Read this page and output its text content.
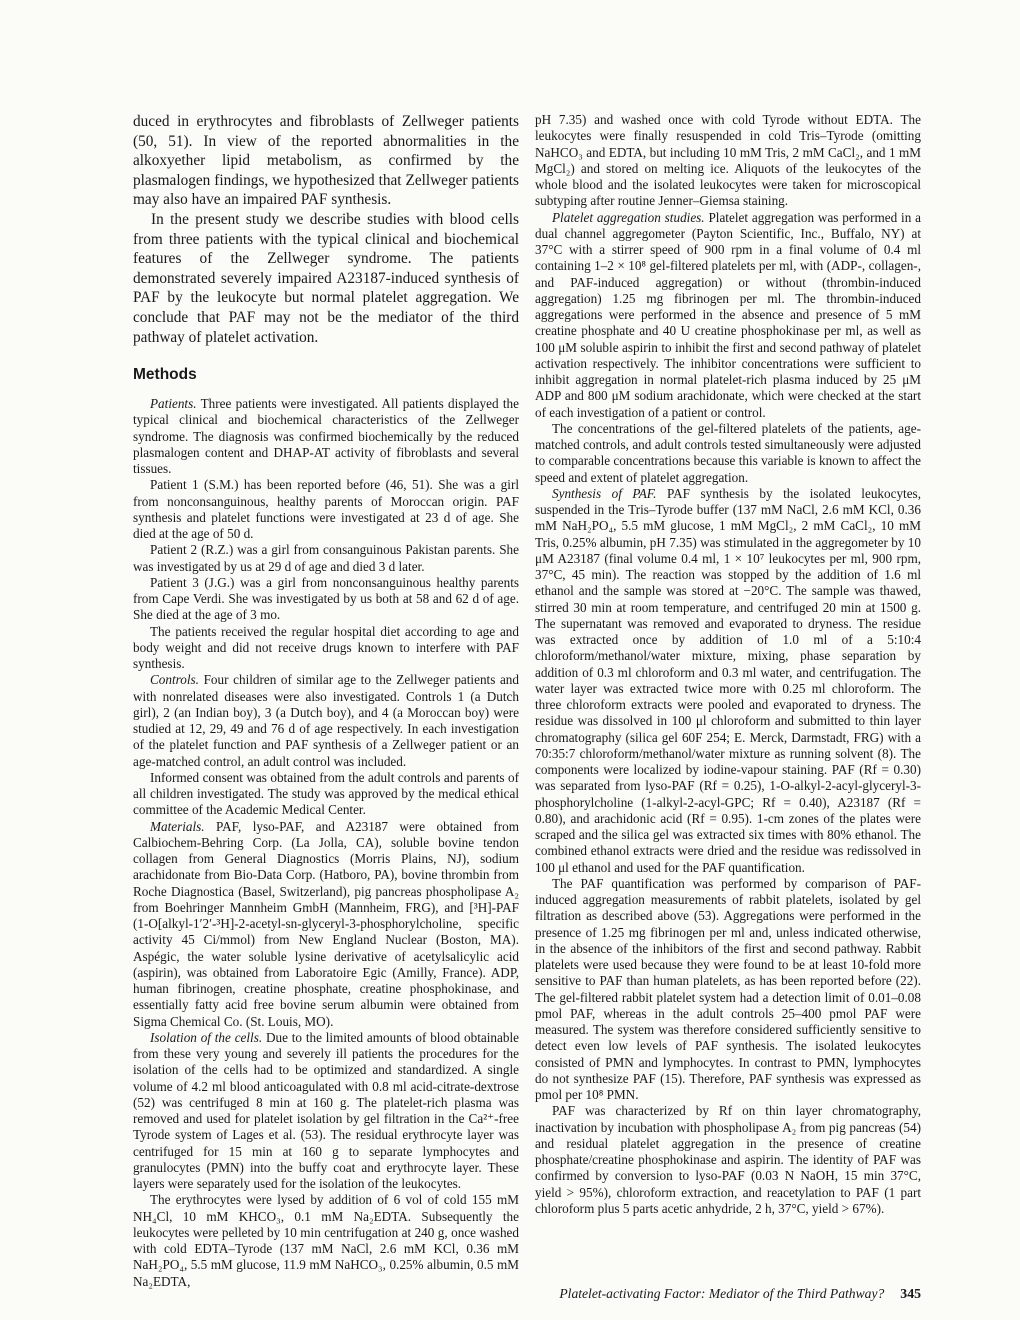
duced in erythrocytes and fibroblasts of Zellweger patients (50, 51). In view of the reported abnormalities in the alkoxyether lipid metabolism, as confirmed by the plasmalogen findings, we hypothesized that Zellweger patients may also have an impaired PAF synthesis.

In the present study we describe studies with blood cells from three patients with the typical clinical and biochemical features of the Zellweger syndrome. The patients demonstrated severely impaired A23187-induced synthesis of PAF by the leukocyte but normal platelet aggregation. We conclude that PAF may not be the mediator of the third pathway of platelet activation.

Methods

Patients. Three patients were investigated. All patients displayed the typical clinical and biochemical characteristics of the Zellweger syndrome. The diagnosis was confirmed biochemically by the reduced plasmalogen content and DHAP-AT activity of fibroblasts and several tissues.

Patient 1 (S.M.) has been reported before (46, 51). She was a girl from nonconsanguinous, healthy parents of Moroccan origin. PAF synthesis and platelet functions were investigated at 23 d of age. She died at the age of 50 d.

Patient 2 (R.Z.) was a girl from consanguinous Pakistan parents. She was investigated by us at 29 d of age and died 3 d later.

Patient 3 (J.G.) was a girl from nonconsanguinous healthy parents from Cape Verdi. She was investigated by us both at 58 and 62 d of age. She died at the age of 3 mo.

The patients received the regular hospital diet according to age and body weight and did not receive drugs known to interfere with PAF synthesis.

Controls. Four children of similar age to the Zellweger patients and with nonrelated diseases were also investigated. Controls 1 (a Dutch girl), 2 (an Indian boy), 3 (a Dutch boy), and 4 (a Moroccan boy) were studied at 12, 29, 49 and 76 d of age respectively. In each investigation of the platelet function and PAF synthesis of a Zellweger patient or an age-matched control, an adult control was included.

Informed consent was obtained from the adult controls and parents of all children investigated. The study was approved by the medical ethical committee of the Academic Medical Center.

Materials. PAF, lyso-PAF, and A23187 were obtained from Calbiochem-Behring Corp. (La Jolla, CA), soluble bovine tendon collagen from General Diagnostics (Morris Plains, NJ), sodium arachidonate from Bio-Data Corp. (Hatboro, PA), bovine thrombin from Roche Diagnostica (Basel, Switzerland), pig pancreas phospholipase A₂ from Boehringer Mannheim GmbH (Mannheim, FRG), and [³H]-PAF (1-O[alkyl-1′2′-³H]-2-acetyl-sn-glyceryl-3-phosphorylcholine, specific activity 45 Ci/mmol) from New England Nuclear (Boston, MA). Aspégic, the water soluble lysine derivative of acetylsalicylic acid (aspirin), was obtained from Laboratoire Egic (Amilly, France). ADP, human fibrinogen, creatine phosphate, creatine phosphokinase, and essentially fatty acid free bovine serum albumin were obtained from Sigma Chemical Co. (St. Louis, MO).

Isolation of the cells. Due to the limited amounts of blood obtainable from these very young and severely ill patients the procedures for the isolation of the cells had to be optimized and standardized. A single volume of 4.2 ml blood anticoagulated with 0.8 ml acid-citrate-dextrose (52) was centrifuged 8 min at 160 g. The platelet-rich plasma was removed and used for platelet isolation by gel filtration in the Ca²⁺-free Tyrode system of Lages et al. (53). The residual erythrocyte layer was centrifuged for 15 min at 160 g to separate lymphocytes and granulocytes (PMN) into the buffy coat and erythrocyte layer. These layers were separately used for the isolation of the leukocytes.

The erythrocytes were lysed by addition of 6 vol of cold 155 mM NH₄Cl, 10 mM KHCO₃, 0.1 mM Na₂EDTA. Subsequently the leukocytes were pelleted by 10 min centrifugation at 240 g, once washed with cold EDTA–Tyrode (137 mM NaCl, 2.6 mM KCl, 0.36 mM NaH₂PO₄, 5.5 mM glucose, 11.9 mM NaHCO₃, 0.25% albumin, 0.5 mM Na₂EDTA,

pH 7.35) and washed once with cold Tyrode without EDTA. The leukocytes were finally resuspended in cold Tris–Tyrode (omitting NaHCO₃ and EDTA, but including 10 mM Tris, 2 mM CaCl₂, and 1 mM MgCl₂) and stored on melting ice. Aliquots of the leukocytes of the whole blood and the isolated leukocytes were taken for microscopical subtyping after routine Jenner–Giemsa staining.

Platelet aggregation studies. Platelet aggregation was performed in a dual channel aggregometer (Payton Scientific, Inc., Buffalo, NY) at 37°C with a stirrer speed of 900 rpm in a final volume of 0.4 ml containing 1–2 × 10⁸ gel-filtered platelets per ml, with (ADP-, collagen-, and PAF-induced aggregation) or without (thrombin-induced aggregation) 1.25 mg fibrinogen per ml. The thrombin-induced aggregations were performed in the absence and presence of 5 mM creatine phosphate and 40 U creatine phosphokinase per ml, as well as 100 μM soluble aspirin to inhibit the first and second pathway of platelet activation respectively. The inhibitor concentrations were sufficient to inhibit aggregation in normal platelet-rich plasma induced by 25 μM ADP and 800 μM sodium arachidonate, which were checked at the start of each investigation of a patient or control.

The concentrations of the gel-filtered platelets of the patients, age-matched controls, and adult controls tested simultaneously were adjusted to comparable concentrations because this variable is known to affect the speed and extent of platelet aggregation.

Synthesis of PAF. PAF synthesis by the isolated leukocytes, suspended in the Tris–Tyrode buffer (137 mM NaCl, 2.6 mM KCl, 0.36 mM NaH₂PO₄, 5.5 mM glucose, 1 mM MgCl₂, 2 mM CaCl₂, 10 mM Tris, 0.25% albumin, pH 7.35) was stimulated in the aggregometer by 10 μM A23187 (final volume 0.4 ml, 1 × 10⁷ leukocytes per ml, 900 rpm, 37°C, 45 min). The reaction was stopped by the addition of 1.6 ml ethanol and the sample was stored at −20°C. The sample was thawed, stirred 30 min at room temperature, and centrifuged 20 min at 1500 g. The supernatant was removed and evaporated to dryness. The residue was extracted once by addition of 1.0 ml of a 5:10:4 chloroform/methanol/water mixture, mixing, phase separation by addition of 0.3 ml chloroform and 0.3 ml water, and centrifugation. The water layer was extracted twice more with 0.25 ml chloroform. The three chloroform extracts were pooled and evaporated to dryness. The residue was dissolved in 100 μl chloroform and submitted to thin layer chromatography (silica gel 60F 254; E. Merck, Darmstadt, FRG) with a 70:35:7 chloroform/methanol/water mixture as running solvent (8). The components were localized by iodine-vapour staining. PAF (Rf = 0.30) was separated from lyso-PAF (Rf = 0.25), 1-O-alkyl-2-acyl-glyceryl-3-phosphorylcholine (1-alkyl-2-acyl-GPC; Rf = 0.40), A23187 (Rf = 0.80), and arachidonic acid (Rf = 0.95). 1-cm zones of the plates were scraped and the silica gel was extracted six times with 80% ethanol. The combined ethanol extracts were dried and the residue was redissolved in 100 μl ethanol and used for the PAF quantification.

The PAF quantification was performed by comparison of PAF-induced aggregation measurements of rabbit platelets, isolated by gel filtration as described above (53). Aggregations were performed in the presence of 1.25 mg fibrinogen per ml and, unless indicated otherwise, in the absence of the inhibitors of the first and second pathway. Rabbit platelets were used because they were found to be at least 10-fold more sensitive to PAF than human platelets, as has been reported before (22). The gel-filtered rabbit platelet system had a detection limit of 0.01–0.08 pmol PAF, whereas in the adult controls 25–400 pmol PAF were measured. The system was therefore considered sufficiently sensitive to detect even low levels of PAF synthesis. The isolated leukocytes consisted of PMN and lymphocytes. In contrast to PMN, lymphocytes do not synthesize PAF (15). Therefore, PAF synthesis was expressed as pmol per 10⁸ PMN.

PAF was characterized by Rf on thin layer chromatography, inactivation by incubation with phospholipase A₂ from pig pancreas (54) and residual platelet aggregation in the presence of creatine phosphate/creatine phosphokinase and aspirin. The identity of PAF was confirmed by conversion to lyso-PAF (0.03 N NaOH, 15 min 37°C, yield > 95%), chloroform extraction, and reacetylation to PAF (1 part chloroform plus 5 parts acetic anhydride, 2 h, 37°C, yield > 67%).

Platelet-activating Factor: Mediator of the Third Pathway? 345
